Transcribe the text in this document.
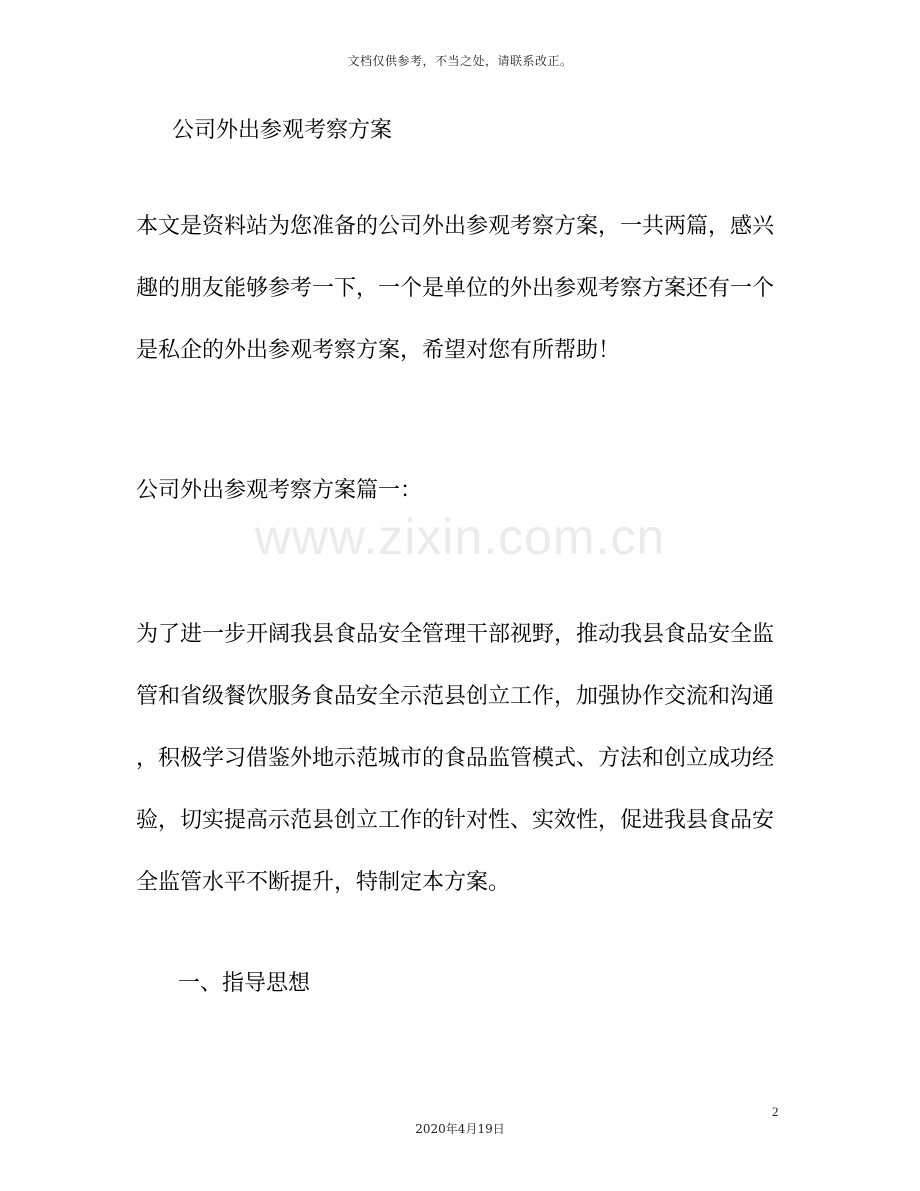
文档仅供参考，不当之处，请联系改正。
公司外出参观考察方案

本文是资料站为您准备的公司外出参观考察方案，一共两篇，感兴
趣的朋友能够参考一下，一个是单位的外出参观考察方案还有一个
是私企的外出参观考察方案，希望对您有所帮助！

公司外出参观考察方案篇一：

www.zixin.com.cn

为了进一步开阔我县食品安全管理干部视野，推动我县食品安全监
管和省级餐饮服务食品安全示范县创立工作，加强协作交流和沟通
，积极学习借鉴外地示范城市的食品监管模式、方法和创立成功经
验，切实提高示范县创立工作的针对性、实效性，促进我县食品安
全监管水平不断提升，特制定本方案。

一、指导思想
2
2020年4月19日
